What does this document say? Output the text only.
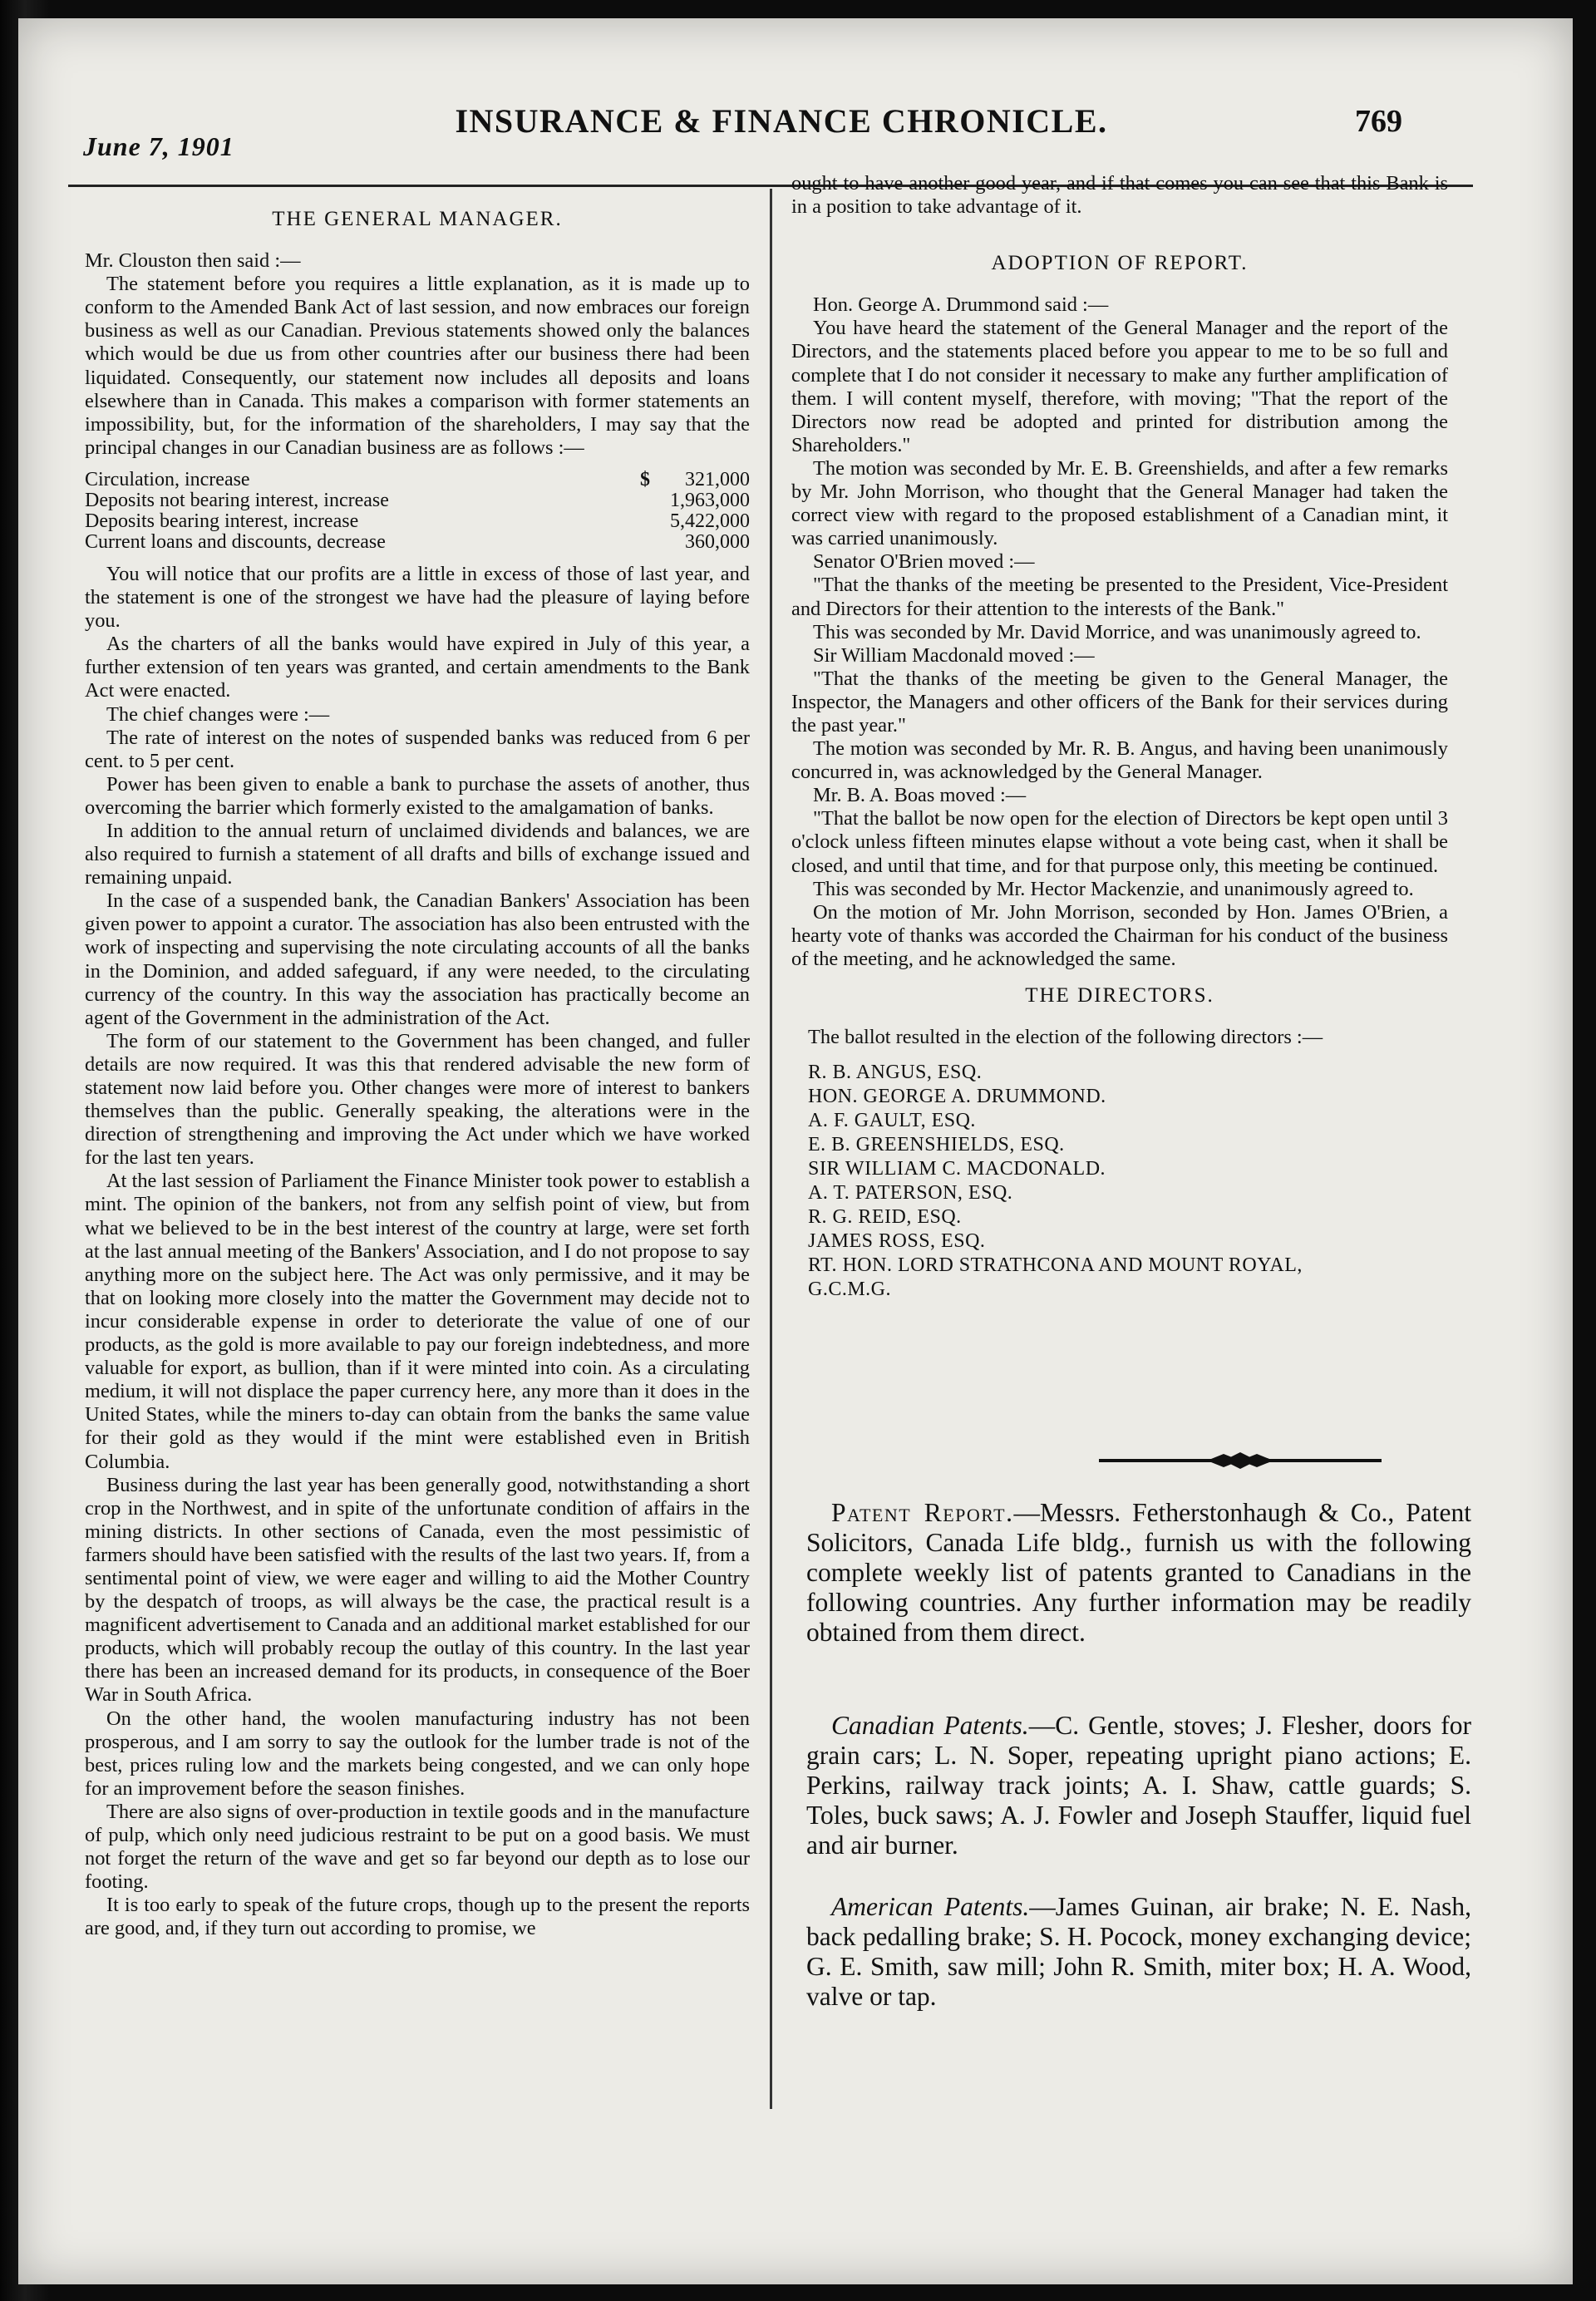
June 7, 1901
INSURANCE & FINANCE CHRONICLE.	769
THE GENERAL MANAGER.

Mr. Clouston then said :—

The statement before you requires a little explanation, as it is made up to conform to the Amended Bank Act of last session, and now embraces our foreign business as well as our Canadian. Previous statements showed only the balances which would be due us from other countries after our business there had been liquidated. Consequently, our statement now includes all deposits and loans elsewhere than in Canada. This makes a comparison with former statements an impossibility, but, for the information of the shareholders, I may say that the principal changes in our Canadian business are as follows :—

Circulation, increase	$	321,000
Deposits not bearing interest, increase		1,963,000
Deposits bearing interest, increase		5,422,000
Current loans and discounts, decrease		360,000

You will notice that our profits are a little in excess of those of last year, and the statement is one of the strongest we have had the pleasure of laying before you.

As the charters of all the banks would have expired in July of this year, a further extension of ten years was granted, and certain amendments to the Bank Act were enacted.

The chief changes were :—

The rate of interest on the notes of suspended banks was reduced from 6 per cent. to 5 per cent.

Power has been given to enable a bank to purchase the assets of another, thus overcoming the barrier which formerly existed to the amalgamation of banks.

In addition to the annual return of unclaimed dividends and balances, we are also required to furnish a statement of all drafts and bills of exchange issued and remaining unpaid.

In the case of a suspended bank, the Canadian Bankers' Association has been given power to appoint a curator. The association has also been entrusted with the work of inspecting and supervising the note circulating accounts of all the banks in the Dominion, and added safeguard, if any were needed, to the circulating currency of the country. In this way the association has practically become an agent of the Government in the administration of the Act.

The form of our statement to the Government has been changed, and fuller details are now required. It was this that rendered advisable the new form of statement now laid before you. Other changes were more of interest to bankers themselves than the public. Generally speaking, the alterations were in the direction of strengthening and improving the Act under which we have worked for the last ten years.

At the last session of Parliament the Finance Minister took power to establish a mint. The opinion of the bankers, not from any selfish point of view, but from what we believed to be in the best interest of the country at large, were set forth at the last annual meeting of the Bankers' Association, and I do not propose to say anything more on the subject here. The Act was only permissive, and it may be that on looking more closely into the matter the Government may decide not to incur considerable expense in order to deteriorate the value of one of our products, as the gold is more available to pay our foreign indebtedness, and more valuable for export, as bullion, than if it were minted into coin. As a circulating medium, it will not displace the paper currency here, any more than it does in the United States, while the miners to-day can obtain from the banks the same value for their gold as they would if the mint were established even in British Columbia.

Business during the last year has been generally good, notwithstanding a short crop in the Northwest, and in spite of the unfortunate condition of affairs in the mining districts. In other sections of Canada, even the most pessimistic of farmers should have been satisfied with the results of the last two years. If, from a sentimental point of view, we were eager and willing to aid the Mother Country by the despatch of troops, as will always be the case, the practical result is a magnificent advertisement to Canada and an additional market established for our products, which will probably recoup the outlay of this country. In the last year there has been an increased demand for its products, in consequence of the Boer War in South Africa.

On the other hand, the woolen manufacturing industry has not been prosperous, and I am sorry to say the outlook for the lumber trade is not of the best, prices ruling low and the markets being congested, and we can only hope for an improvement before the season finishes.

There are also signs of over-production in textile goods and in the manufacture of pulp, which only need judicious restraint to be put on a good basis. We must not forget the return of the wave and get so far beyond our depth as to lose our footing.

It is too early to speak of the future crops, though up to the present the reports are good, and, if they turn out according to promise, we

ought to have another good year, and if that comes you can see that this Bank is in a position to take advantage of it.

ADOPTION OF REPORT.

Hon. George A. Drummond said :—

You have heard the statement of the General Manager and the report of the Directors, and the statements placed before you appear to me to be so full and complete that I do not consider it necessary to make any further amplification of them. I will content myself, therefore, with moving; "That the report of the Directors now read be adopted and printed for distribution among the Shareholders."

The motion was seconded by Mr. E. B. Greenshields, and after a few remarks by Mr. John Morrison, who thought that the General Manager had taken the correct view with regard to the proposed establishment of a Canadian mint, it was carried unanimously.

Senator O'Brien moved :—

"That the thanks of the meeting be presented to the President, Vice-President and Directors for their attention to the interests of the Bank."

This was seconded by Mr. David Morrice, and was unanimously agreed to.

Sir William Macdonald moved :—

"That the thanks of the meeting be given to the General Manager, the Inspector, the Managers and other officers of the Bank for their services during the past year."

The motion was seconded by Mr. R. B. Angus, and having been unanimously concurred in, was acknowledged by the General Manager.

Mr. B. A. Boas moved :—

"That the ballot be now open for the election of Directors be kept open until 3 o'clock unless fifteen minutes elapse without a vote being cast, when it shall be closed, and until that time, and for that purpose only, this meeting be continued.

This was seconded by Mr. Hector Mackenzie, and unanimously agreed to.

On the motion of Mr. John Morrison, seconded by Hon. James O'Brien, a hearty vote of thanks was accorded the Chairman for his conduct of the business of the meeting, and he acknowledged the same.

THE DIRECTORS.

The ballot resulted in the election of the following directors :—

R. B. ANGUS, ESQ.
HON. GEORGE A. DRUMMOND.
A. F. GAULT, ESQ.
E. B. GREENSHIELDS, ESQ.
SIR WILLIAM C. MACDONALD.
A. T. PATERSON, ESQ.
R. G. REID, ESQ.
JAMES ROSS, ESQ.
RT. HON. LORD STRATHCONA AND MOUNT ROYAL,
G.C.M.G.

Patent Report.—Messrs. Fetherstonhaugh & Co., Patent Solicitors, Canada Life bldg., furnish us with the following complete weekly list of patents granted to Canadians in the following countries. Any further information may be readily obtained from them direct.

Canadian Patents.—C. Gentle, stoves; J. Flesher, doors for grain cars; L. N. Soper, repeating upright piano actions; E. Perkins, railway track joints; A. I. Shaw, cattle guards; S. Toles, buck saws; A. J. Fowler and Joseph Stauffer, liquid fuel and air burner.

American Patents.—James Guinan, air brake; N. E. Nash, back pedalling brake; S. H. Pocock, money exchanging device; G. E. Smith, saw mill; John R. Smith, miter box; H. A. Wood, valve or tap.
